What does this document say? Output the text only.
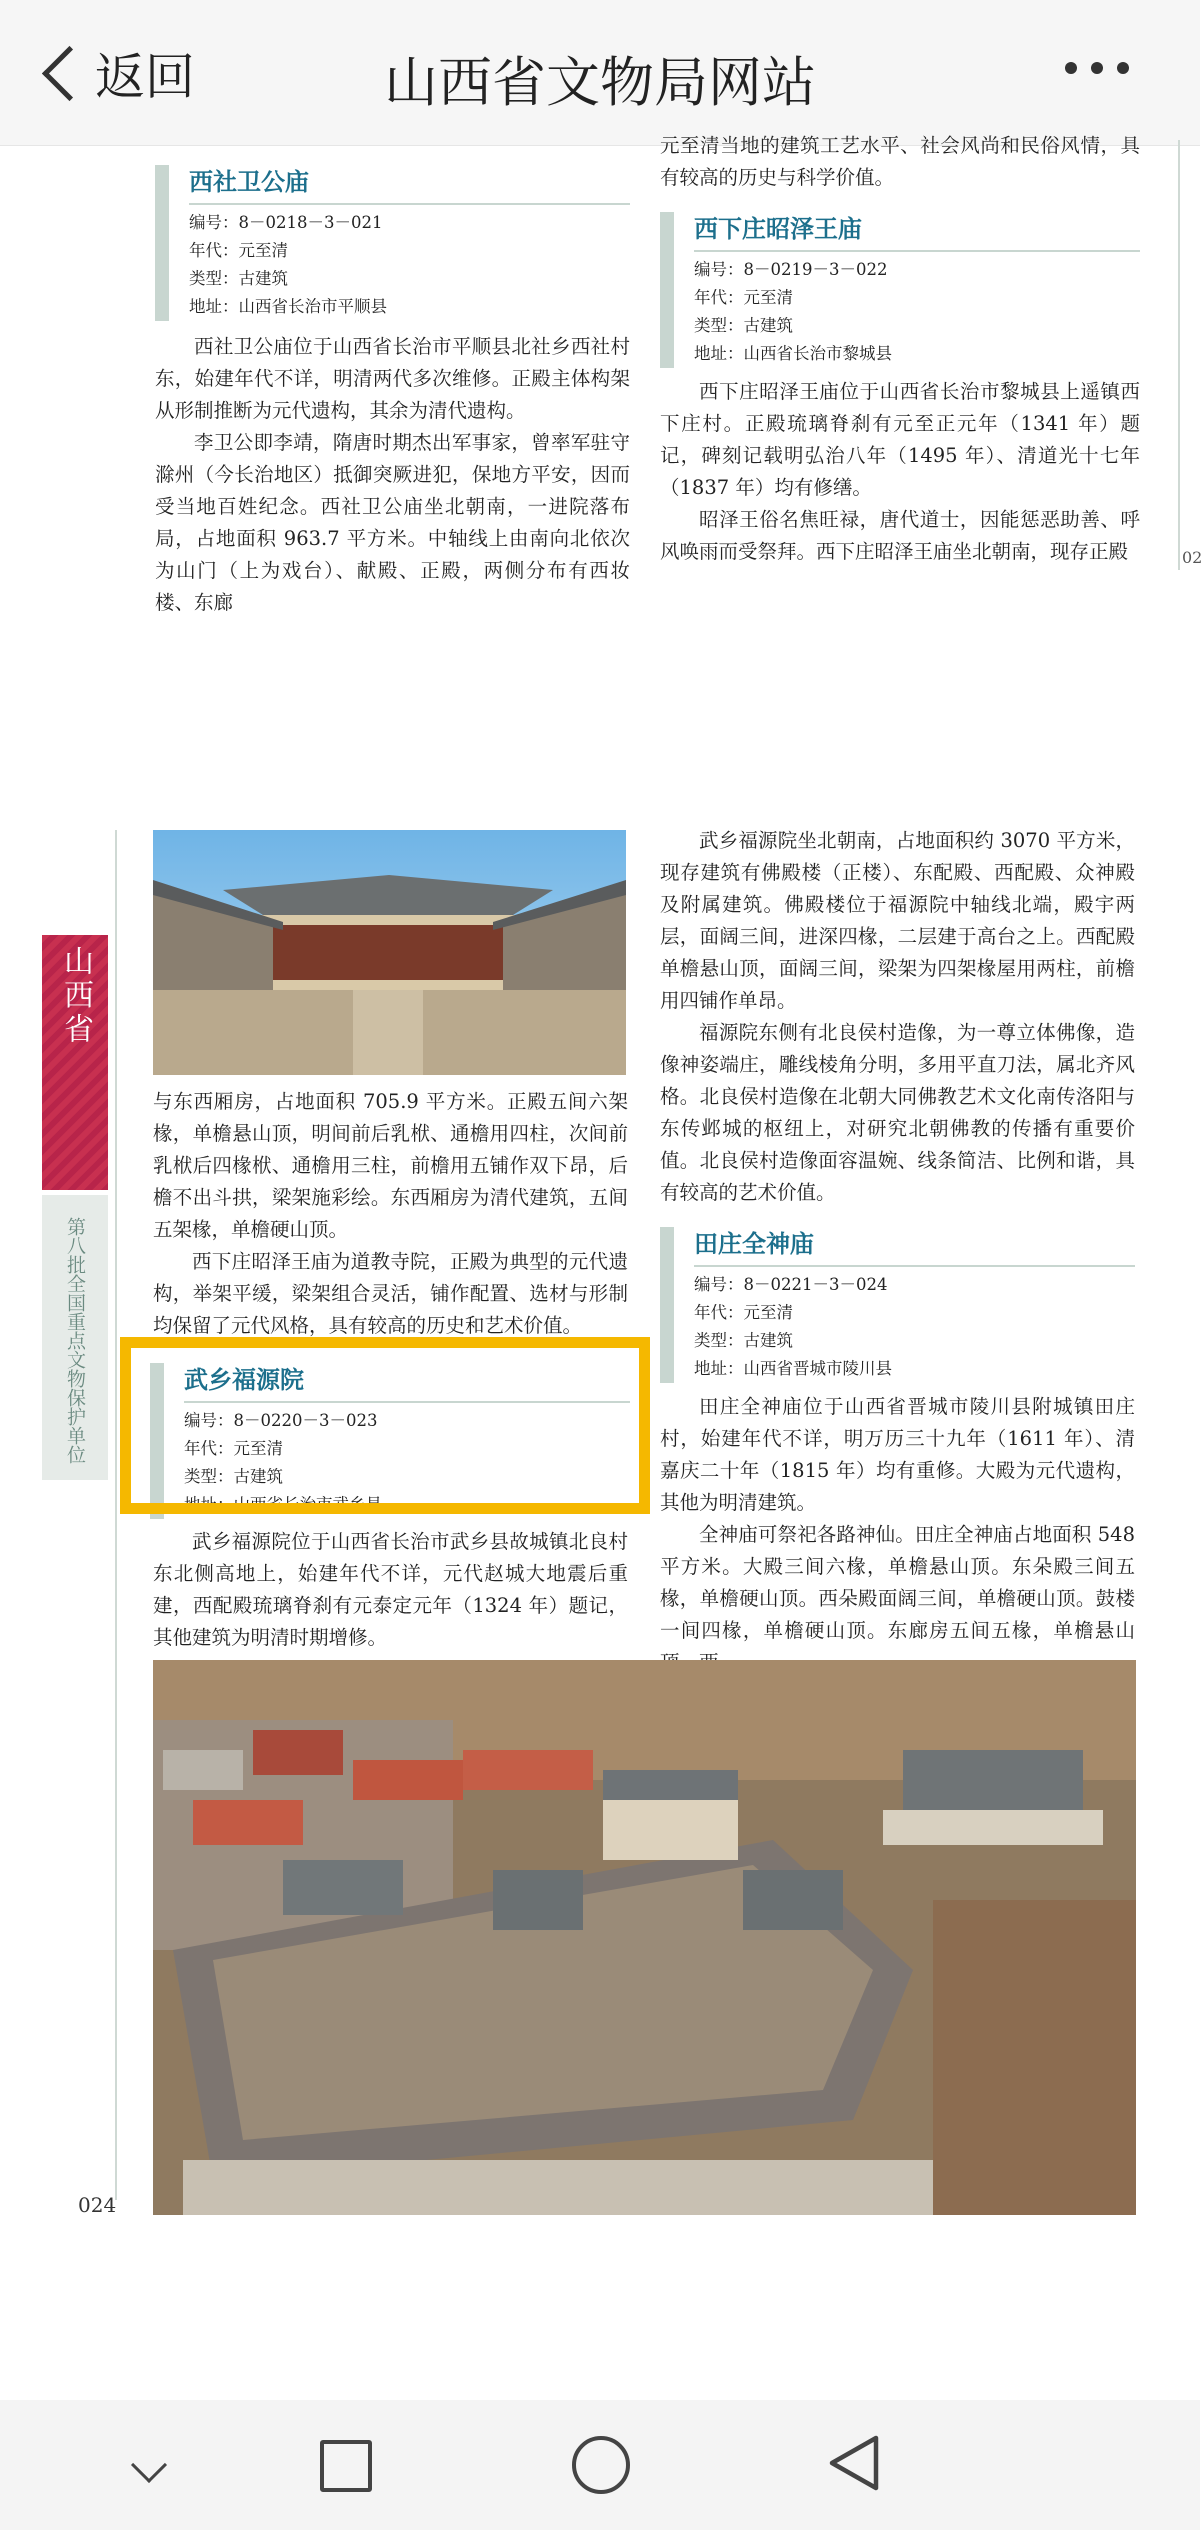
返回	山西省文物局网站

西社卫公庙

编号：8－0218－3－021

年代：元至清

类型：古建筑

地址：山西省长治市平顺县

西社卫公庙位于山西省长治市平顺县北社乡西社村东，始建年代不详，明清两代多次维修。正殿主体构架从形制推断为元代遗构，其余为清代遗构。

李卫公即李靖，隋唐时期杰出军事家，曾率军驻守滁州（今长治地区）抵御突厥进犯，保地方平安，因而受当地百姓纪念。西社卫公庙坐北朝南，一进院落布局，占地面积 963.7 平方米。中轴线上由南向北依次为山门（上为戏台）、献殿、正殿，两侧分布有西妆楼、东廊

元至清当地的建筑工艺水平、社会风尚和民俗风情，具有较高的历史与科学价值。

西下庄昭泽王庙

编号：8－0219－3－022

年代：元至清

类型：古建筑

地址：山西省长治市黎城县

西下庄昭泽王庙位于山西省长治市黎城县上遥镇西下庄村。正殿琉璃脊刹有元至正元年（1341 年）题记，碑刻记载明弘治八年（1495 年）、清道光十七年（1837 年）均有修缮。

昭泽王俗名焦旺禄，唐代道士，因能惩恶助善、呼风唤雨而受祭拜。西下庄昭泽王庙坐北朝南，现存正殿	02
山西省
第八批全国重点文物保护单位

与东西厢房，占地面积 705.9 平方米。正殿五间六架椽，单檐悬山顶，明间前后乳栿、通檐用四柱，次间前乳栿后四椽栿、通檐用三柱，前檐用五铺作双下昂，后檐不出斗拱，梁架施彩绘。东西厢房为清代建筑，五间五架椽，单檐硬山顶。

西下庄昭泽王庙为道教寺院，正殿为典型的元代遗构，举架平缓，梁架组合灵活，铺作配置、选材与形制均保留了元代风格，具有较高的历史和艺术价值。

武乡福源院

编号：8－0220－3－023

年代：元至清

类型：古建筑

地址：山西省长治市武乡县

武乡福源院位于山西省长治市武乡县故城镇北良村东北侧高地上，始建年代不详，元代赵城大地震后重建，西配殿琉璃脊刹有元泰定元年（1324 年）题记，其他建筑为明清时期增修。

武乡福源院坐北朝南，占地面积约 3070 平方米，现存建筑有佛殿楼（正楼）、东配殿、西配殿、众神殿及附属建筑。佛殿楼位于福源院中轴线北端，殿宇两层，面阔三间，进深四椽，二层建于高台之上。西配殿单檐悬山顶，面阔三间，梁架为四架椽屋用两柱，前檐用四铺作单昂。

福源院东侧有北良侯村造像，为一尊立体佛像，造像神姿端庄，雕线棱角分明，多用平直刀法，属北齐风格。北良侯村造像在北朝大同佛教艺术文化南传洛阳与东传邺城的枢纽上，对研究北朝佛教的传播有重要价值。北良侯村造像面容温婉、线条简洁、比例和谐，具有较高的艺术价值。

田庄全神庙

编号：8－0221－3－024

年代：元至清

类型：古建筑

地址：山西省晋城市陵川县

田庄全神庙位于山西省晋城市陵川县附城镇田庄村，始建年代不详，明万历三十九年（1611 年）、清嘉庆二十年（1815 年）均有重修。大殿为元代遗构，其他为明清建筑。

全神庙可祭祀各路神仙。田庄全神庙占地面积 548 平方米。大殿三间六椽，单檐悬山顶。东朵殿三间五椽，单檐硬山顶。西朵殿面阔三间，单檐硬山顶。鼓楼一间四椽，单檐硬山顶。东廊房五间五椽，单檐悬山

024
